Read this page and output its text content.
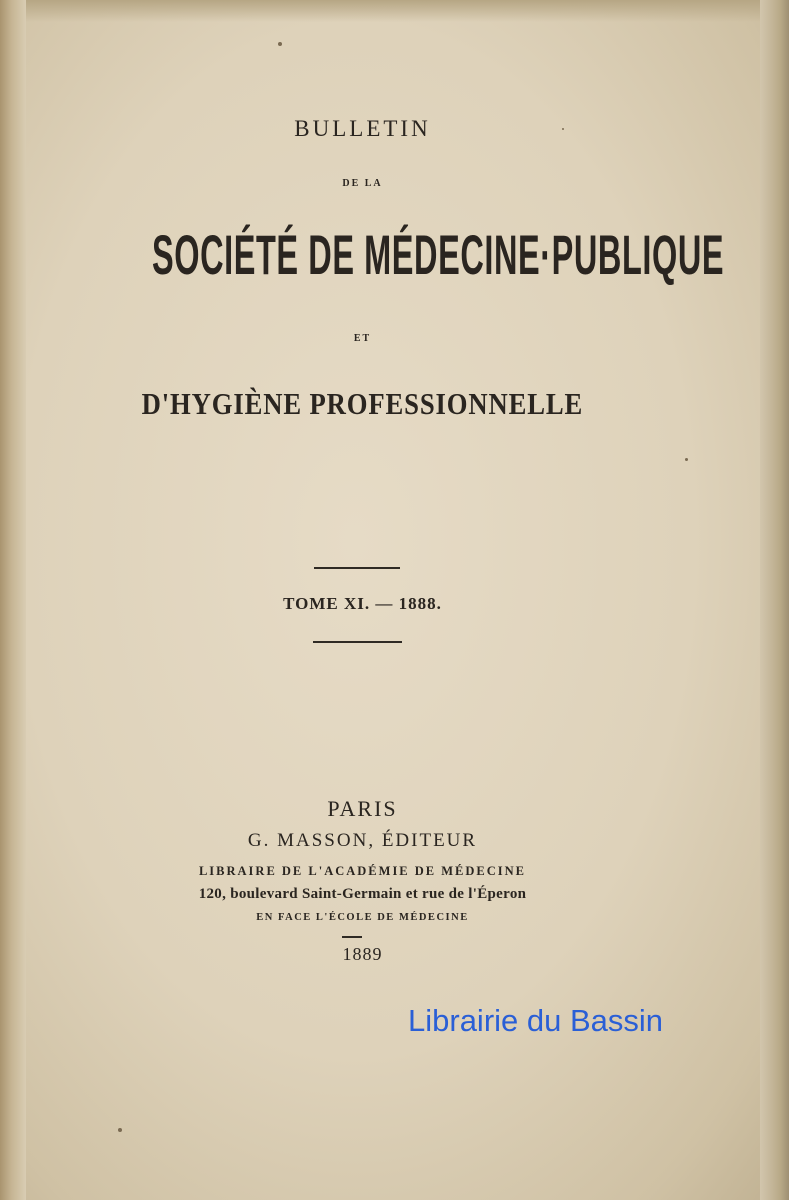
BULLETIN
DE LA
SOCIÉTÉ DE MÉDECINE·PUBLIQUE
ET
D'HYGIÈNE PROFESSIONNELLE
TOME XI. — 1888.
PARIS
G. MASSON, ÉDITEUR
LIBRAIRE DE L'ACADÉMIE DE MÉDECINE
120, boulevard Saint-Germain et rue de l'Éperon
EN FACE L'ÉCOLE DE MÉDECINE
1889
Librairie du Bassin
